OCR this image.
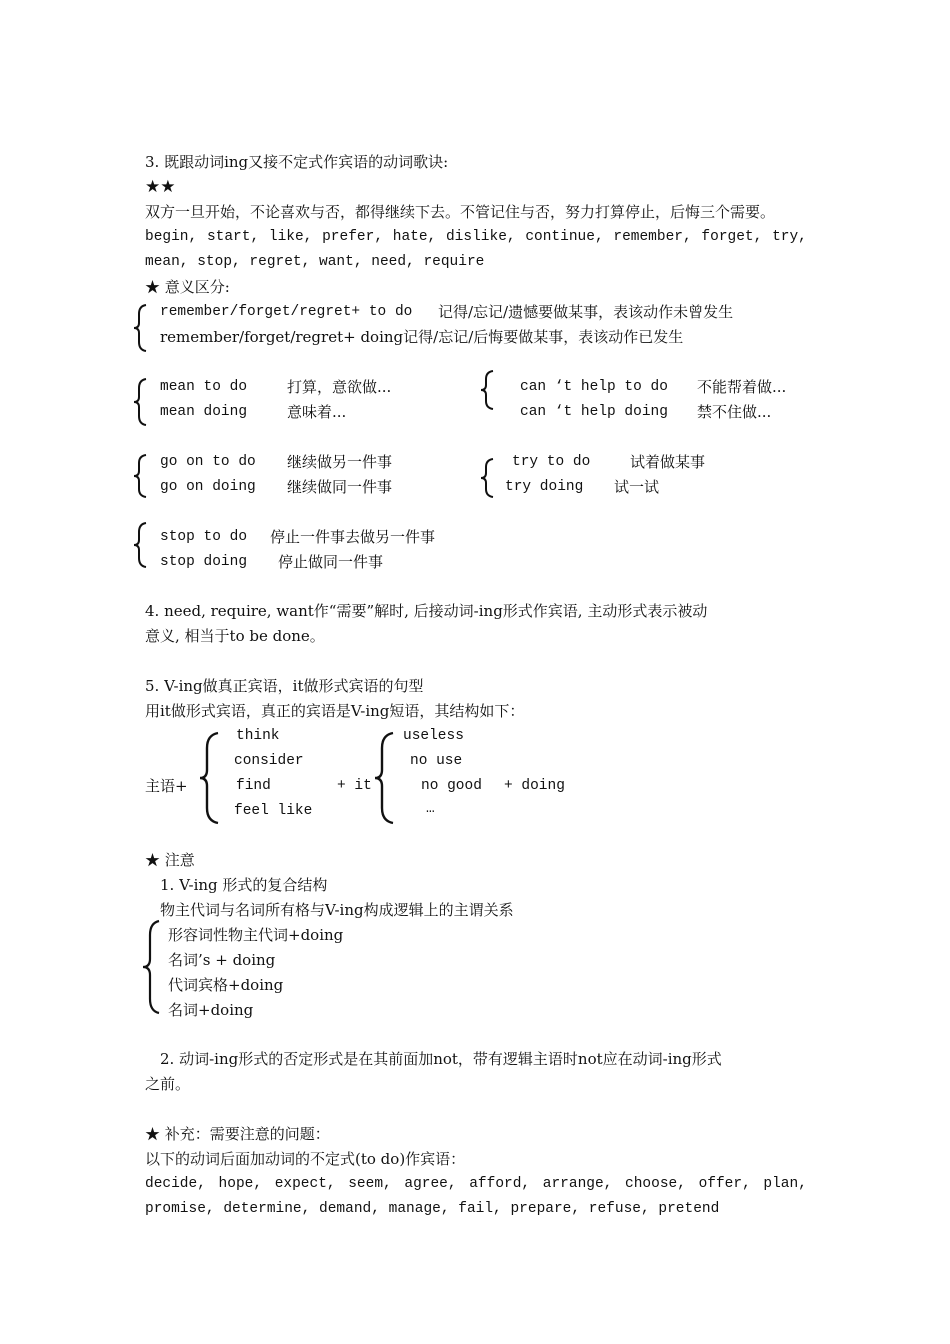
3. 既跟动词ing又接不定式作宾语的动词歌诀:
★★
双方一旦开始，不论喜欢与否，都得继续下去。不管记住与否，努力打算停止，后悔三个需要。
begin, start, like, prefer, hate, dislike, continue, remember, forget, try,
mean, stop, regret, want, need, require
★ 意义区分:
remember/forget/regret+ to do 记得/忘记/遗憾要做某事，表该动作未曾发生
remember/forget/regret+ doing记得/忘记/后悔要做某事，表该动作已发生
mean to do	打算，意欲做...
mean doing	意味着...
can ‘t help to do 不能帮着做...
can ‘t help doing 禁不住做...
go on to do 继续做另一件事
go on doing 继续做同一件事
try to do	试着做某事
try doing 试一试
stop to do 停止一件事去做另一件事
stop doing 停止做同一件事
4. need, require, want作“需要”解时, 后接动词-ing形式作宾语, 主动形式表示被动
意义, 相当于to be done。
5. V-ing做真正宾语，it做形式宾语的句型
用it做形式宾语，真正的宾语是V-ing短语，其结构如下：
主语+
think
consider
find
feel like
+ it
useless
no use
no good
…
+ doing
★ 注意
1. V-ing 形式的复合结构
物主代词与名词所有格与V-ing构成逻辑上的主谓关系
形容词性物主代词+doing
名词’s + doing
代词宾格+doing
名词+doing
2. 动词-ing形式的否定形式是在其前面加not，带有逻辑主语时not应在动词-ing形式
之前。
★ 补充：需要注意的问题：
以下的动词后面加动词的不定式(to do)作宾语：
decide, hope, expect, seem, agree, afford, arrange, choose, offer, plan,
promise, determine, demand, manage, fail, prepare, refuse, pretend
